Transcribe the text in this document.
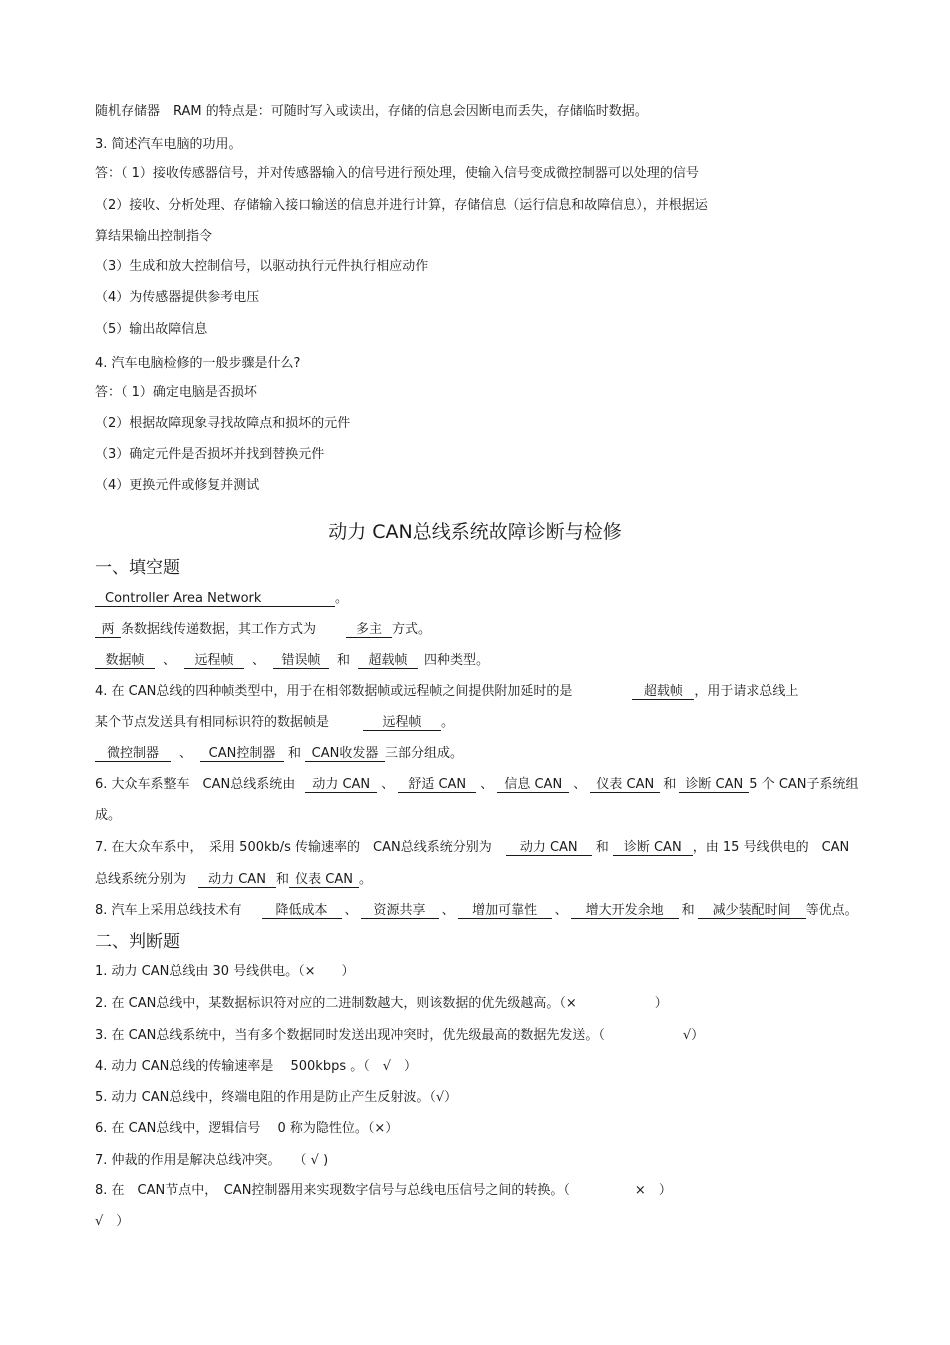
随机存储器　RAM 的特点是：可随时写入或读出，存储的信息会因断电而丢失，存储临时数据。
3. 简述汽车电脑的功用。
答：（ 1）接收传感器信号，并对传感器输入的信号进行预处理，使输入信号变成微控制器可以处理的信号
（2）接收、分析处理、存储输入接口输送的信息并进行计算，存储信息（运行信息和故障信息），并根据运
算结果输出控制指令
（3）生成和放大控制信号，以驱动执行元件执行相应动作
（4）为传感器提供参考电压
（5）输出故障信息
4. 汽车电脑检修的一般步骤是什么?
答：（ 1）确定电脑是否损坏
（2）根据故障现象寻找故障点和损坏的元件
（3）确定元件是否损坏并找到替换元件
（4）更换元件或修复并测试
动力 CAN总线系统故障诊断与检修
一、填空题
Controller Area Network	。
两 条数据线传递数据，其工作方式为	多主 方式。
数据帧 、 远程帧 、 错误帧 和 超载帧 四种类型。
4. 在 CAN总线的四种帧类型中，用于在相邻数据帧或远程帧之间提供附加延时的是	超载帧 ，用于请求总线上
某个节点发送具有相同标识符的数据帧是	远程帧 。
微控制器 、 CAN控制器 和 CAN收发器 三部分组成。
6. 大众车系整车　CAN总线系统由 动力 CAN 、 舒适 CAN 、 信息 CAN 、 仪表 CAN 和 诊断 CAN 5 个 CAN子系统组
成。
7. 在大众车系中，　采用 500kb/s 传输速率的　CAN总线系统分别为 动力 CAN 和 诊断 CAN ，由 15 号线供电的　CAN
总线系统分别为 动力 CAN 和 仪表 CAN 。
8. 汽车上采用总线技术有	降低成本 、 资源共享 、 增加可靠性 、 增大开发余地 和 减少装配时间 等优点。
二、判断题
1. 动力 CAN总线由 30 号线供电。（×　　）
2. 在 CAN总线中，某数据标识符对应的二进制数越大，则该数据的优先级越高。（×　　　　　　）
3. 在 CAN总线系统中，当有多个数据同时发送出现冲突时，优先级最高的数据先发送。（　　　　　　√）
4. 动力 CAN总线的传输速率是　 500kbps 。（　√　）
5. 动力 CAN总线中，终端电阻的作用是防止产生反射波。（√）
6. 在 CAN总线中，逻辑信号　 0 称为隐性位。（×）
7. 仲裁的作用是解决总线冲突。　　（ √ )
8. 在　CAN节点中，　CAN控制器用来实现数字信号与总线电压信号之间的转换。（　　　　　×　）
√　）
